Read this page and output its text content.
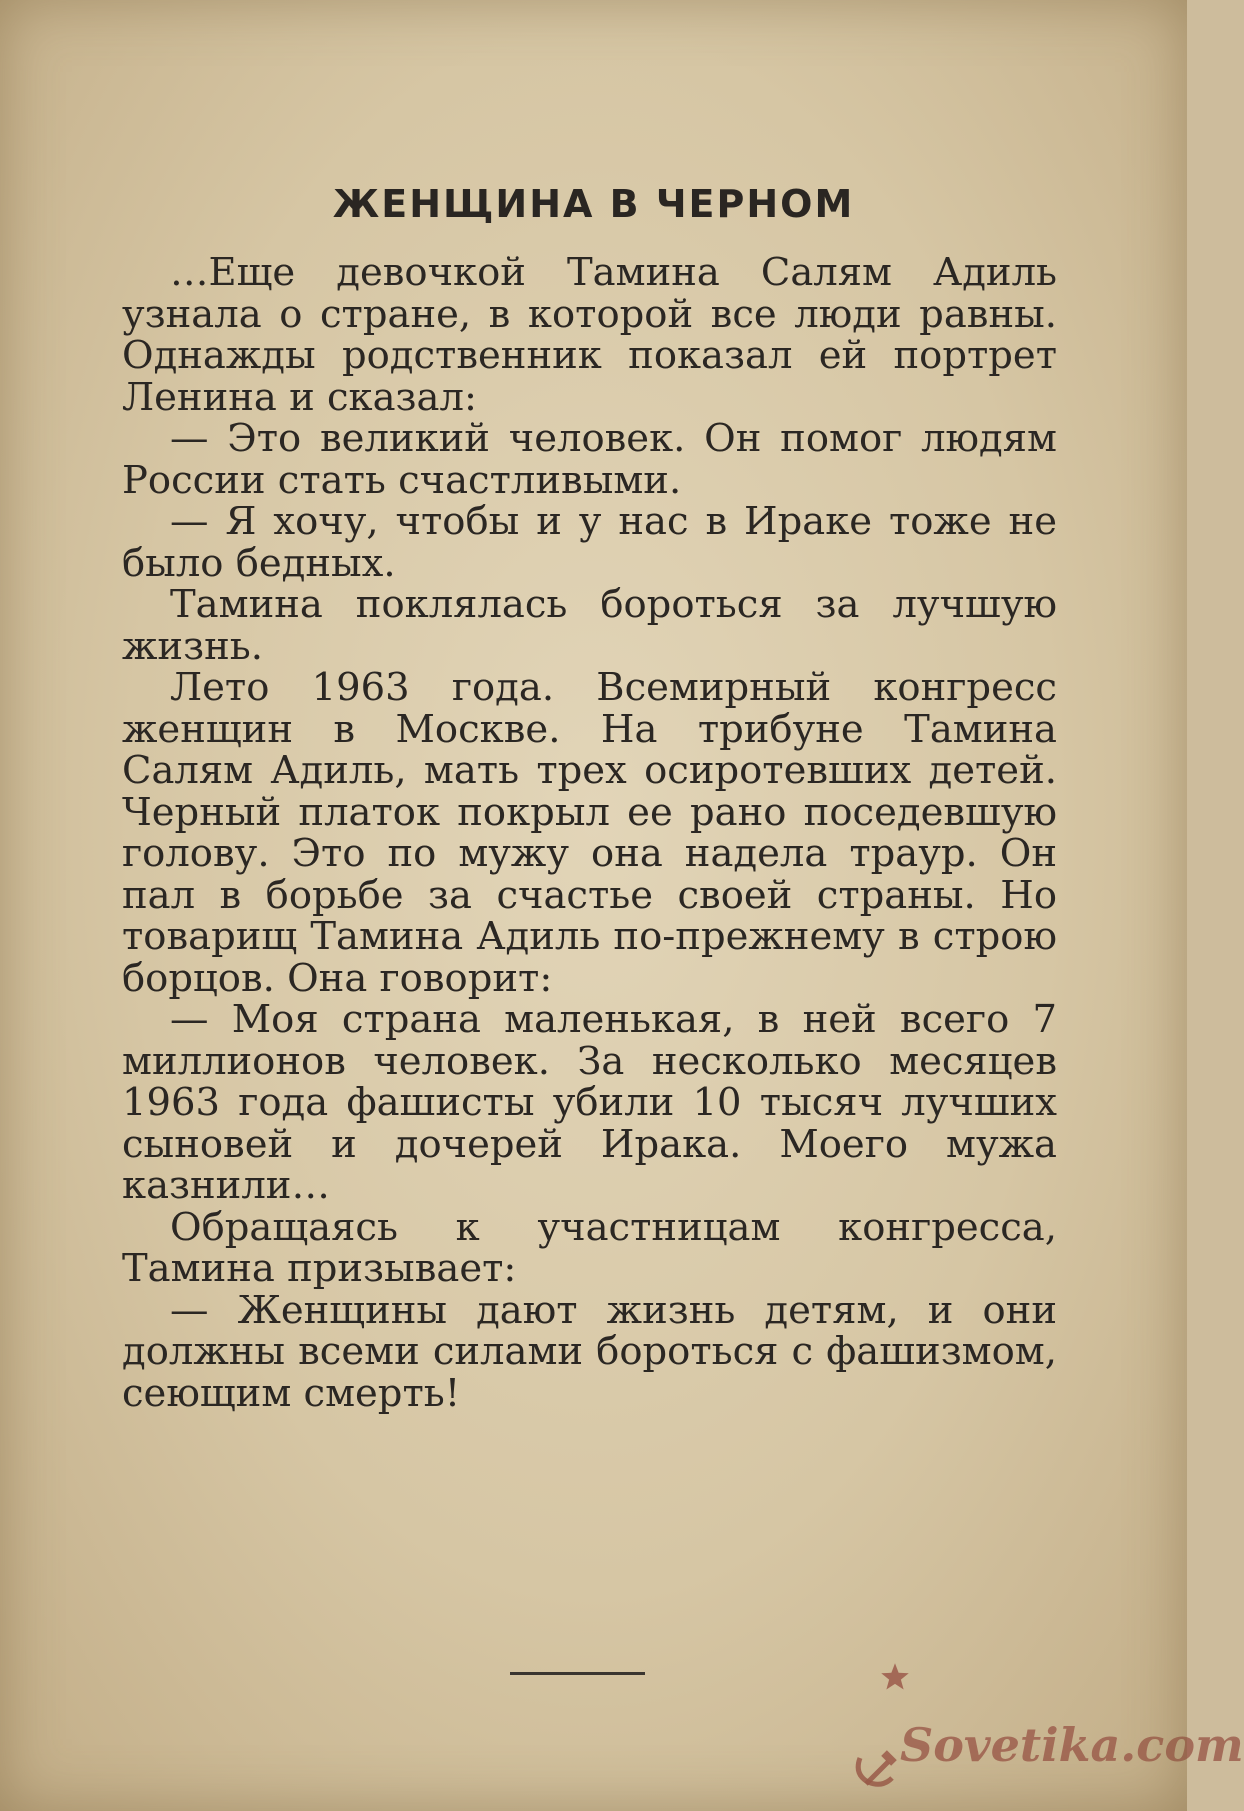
ЖЕНЩИНА В ЧЕРНОМ

…Еще девочкой Тамина Салям Адиль узнала о стране, в которой все люди равны. Однажды родственник показал ей портрет Ленина и сказал:

— Это великий человек. Он помог людям России стать счастливыми.

— Я хочу, чтобы и у нас в Ираке тоже не было бедных.

Тамина поклялась бороться за лучшую жизнь.

Лето 1963 года. Всемирный конгресс женщин в Москве. На трибуне Тамина Салям Адиль, мать трех осиротевших детей. Черный платок покрыл ее рано поседевшую голову. Это по мужу она надела траур. Он пал в борьбе за счастье своей страны. Но товарищ Тамина Адиль по-прежнему в строю борцов. Она говорит:

— Моя страна маленькая, в ней всего 7 миллионов человек. За несколько месяцев 1963 года фашисты убили 10 тысяч лучших сыновей и дочерей Ирака. Моего мужа казнили…

Обращаясь к участницам конгресса, Тамина призывает:

— Женщины дают жизнь детям, и они должны всеми силами бороться с фашизмом, сеющим смерть!

Sovetika.com
